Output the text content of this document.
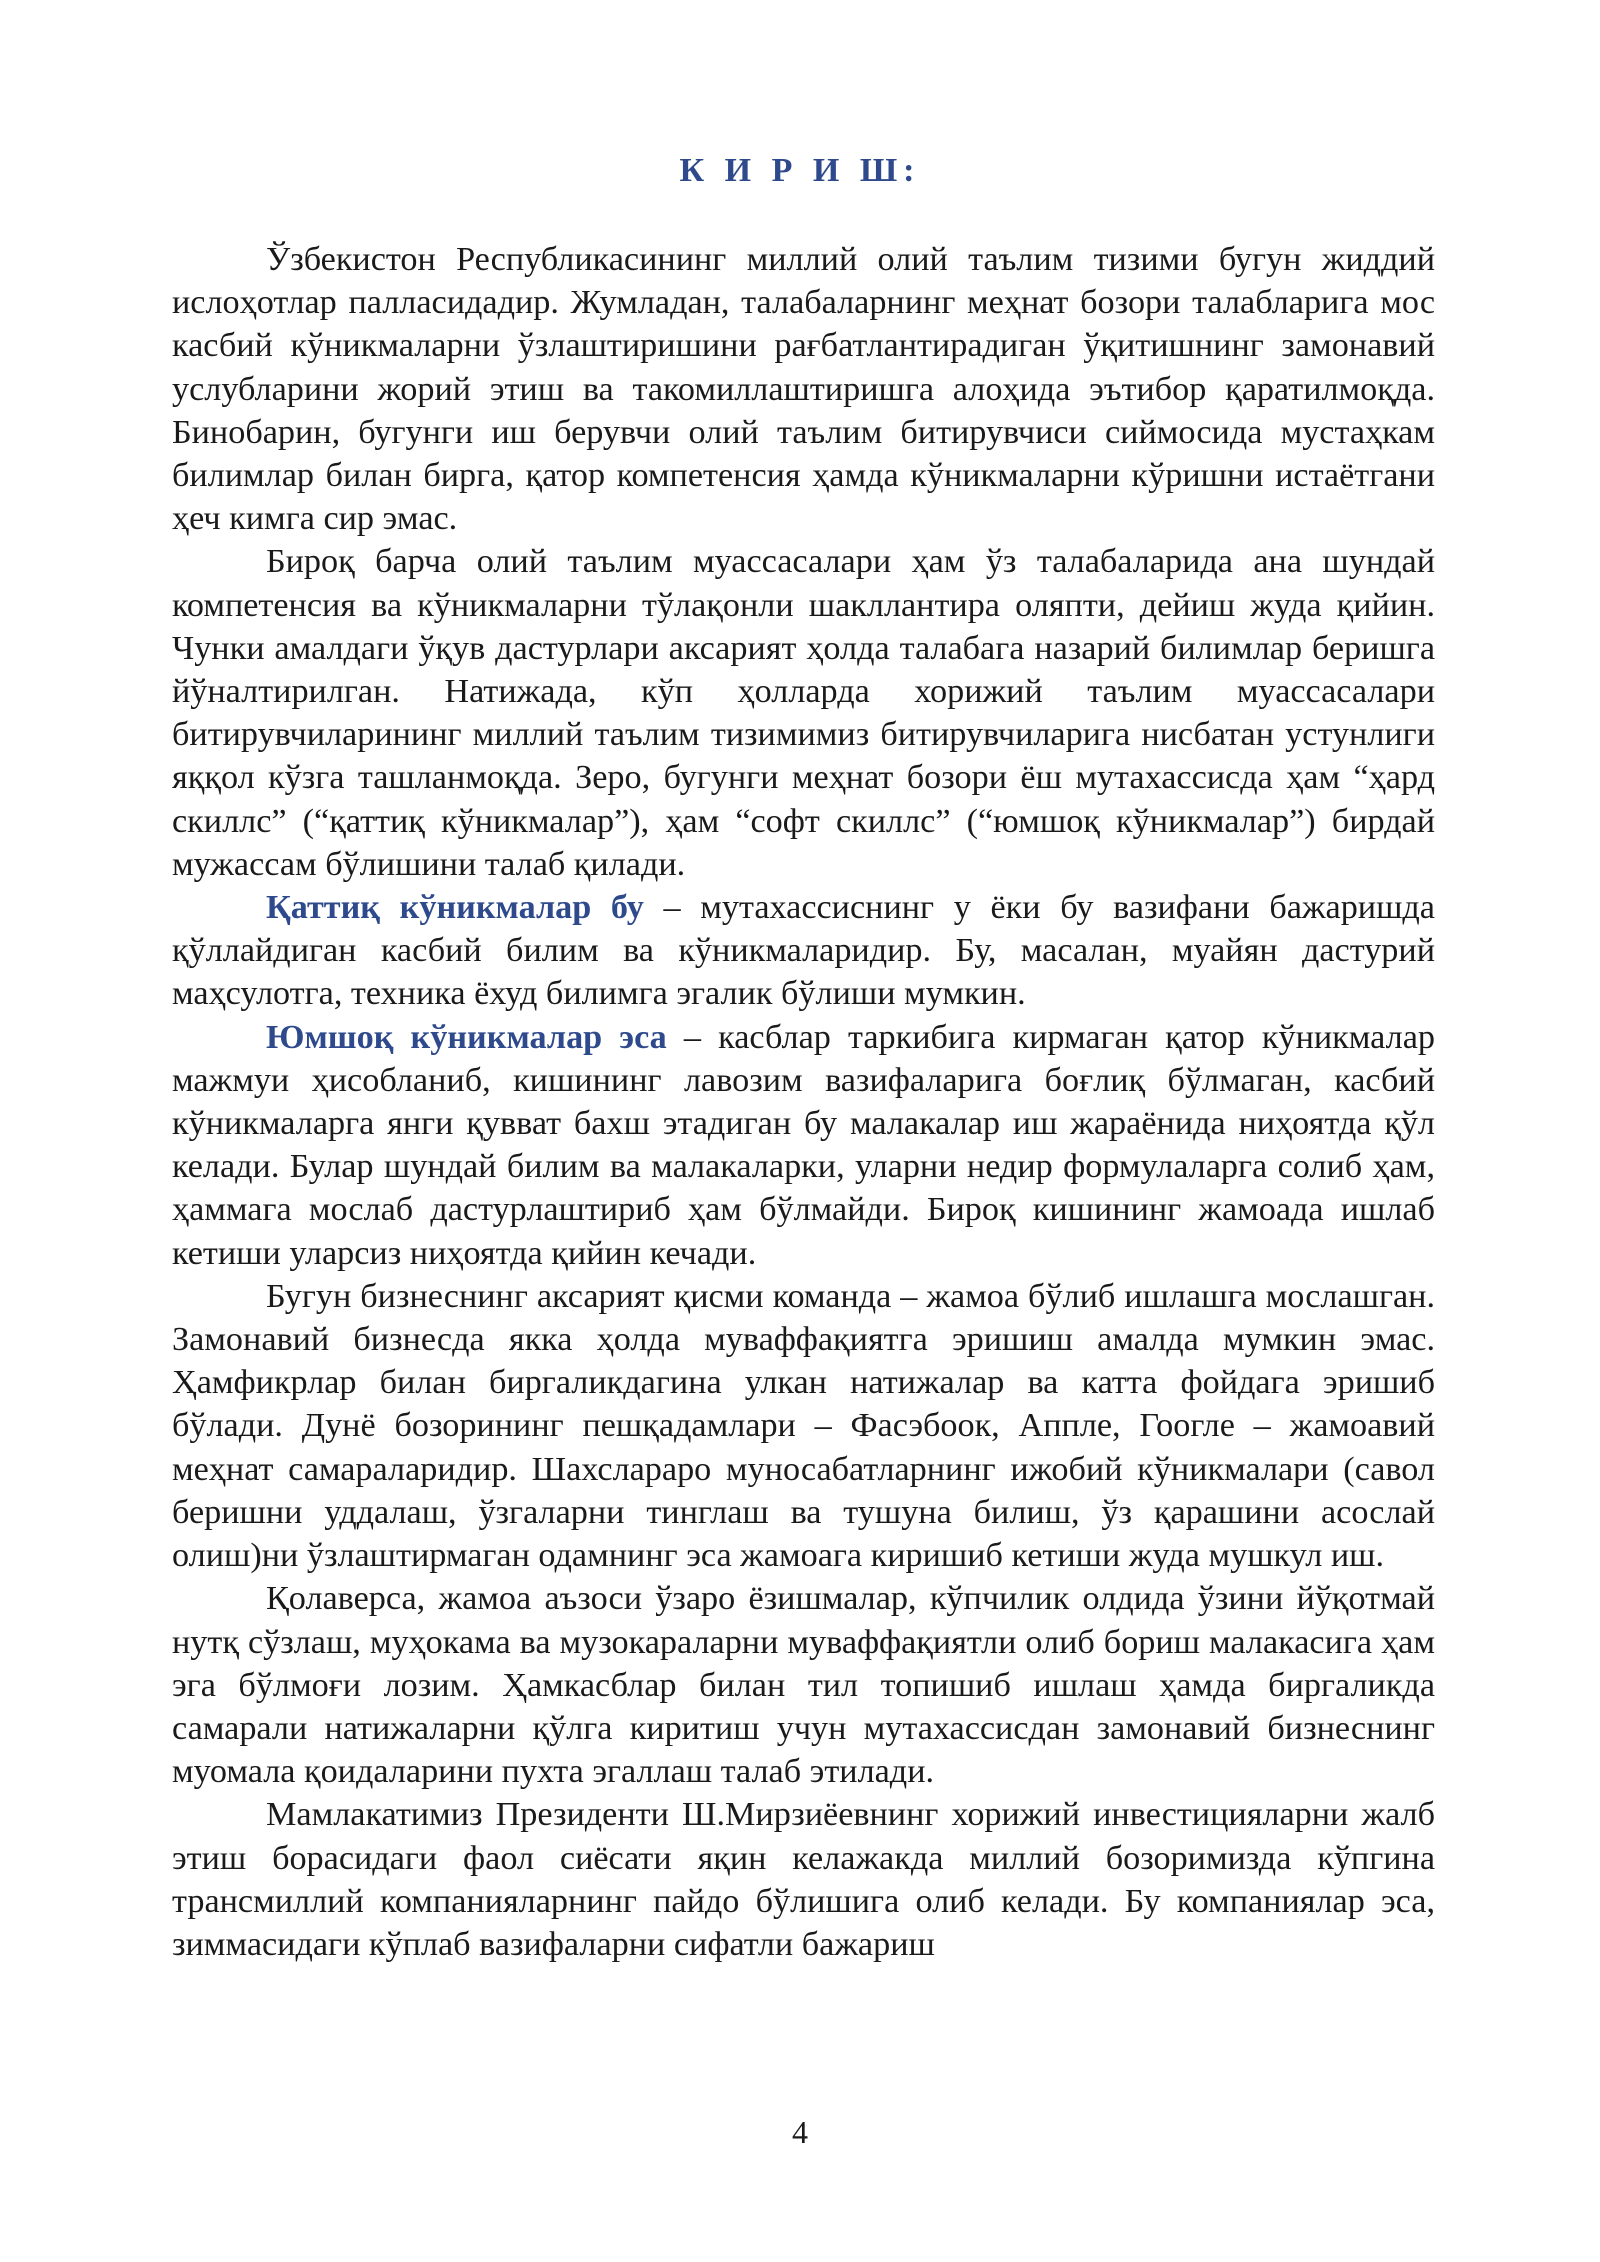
К И Р И Ш:

Ўзбекистон Республикасининг миллий олий таълим тизими бугун жиддий ислоҳотлар палласидадир. Жумладан, талабаларнинг меҳнат бозори талабларига мос касбий кўникмаларни ўзлаштиришини рағбатлантирадиган ўқитишнинг замонавий услубларини жорий этиш ва такомиллаштиришга алоҳида эътибор қаратилмоқда. Бинобарин, бугунги иш берувчи олий таълим битирувчиси сиймосида мустаҳкам билимлар билан бирга, қатор компетенсия ҳамда кўникмаларни кўришни истаётгани ҳеч кимга сир эмас.

Бироқ барча олий таълим муассасалари ҳам ўз талабаларида ана шундай компетенсия ва кўникмаларни тўлақонли шакллантира оляпти, дейиш жуда қийин. Чунки амалдаги ўқув дастурлари аксарият ҳолда талабага назарий билимлар беришга йўналтирилган. Натижада, кўп ҳолларда хорижий таълим муассасалари битирувчиларининг миллий таълим тизимимиз битирувчиларига нисбатан устунлиги яққол кўзга ташланмоқда. Зеро, бугунги меҳнат бозори ёш мутахассисда ҳам “ҳард скиллс” (“қаттиқ кўникмалар”), ҳам “софт скиллс” (“юмшоқ кўникмалар”) бирдай мужассам бўлишини талаб қилади.

Қаттиқ кўникмалар бу – мутахассиснинг у ёки бу вазифани бажаришда қўллайдиган касбий билим ва кўникмаларидир. Бу, масалан, муайян дастурий маҳсулотга, техника ёхуд билимга эгалик бўлиши мумкин.

Юмшоқ кўникмалар эса – касблар таркибига кирмаган қатор кўникмалар мажмуи ҳисобланиб, кишининг лавозим вазифаларига боғлиқ бўлмаган, касбий кўникмаларга янги қувват бахш этадиган бу малакалар иш жараёнида ниҳоятда қўл келади. Булар шундай билим ва малакаларки, уларни недир формулаларга солиб ҳам, ҳаммага мослаб дастурлаштириб ҳам бўлмайди. Бироқ кишининг жамоада ишлаб кетиши уларсиз ниҳоятда қийин кечади.

Бугун бизнеснинг аксарият қисми команда – жамоа бўлиб ишлашга мослашган. Замонавий бизнесда якка ҳолда муваффақиятга эришиш амалда мумкин эмас. Ҳамфикрлар билан биргаликдагина улкан натижалар ва катта фойдага эришиб бўлади. Дунё бозорининг пешқадамлари – Фасэбоок, Аппле, Гоогле – жамоавий меҳнат самараларидир. Шахслараро муносабатларнинг ижобий кўникмалари (савол беришни уддалаш, ўзгаларни тинглаш ва тушуна билиш, ўз қарашини асослай олиш)ни ўзлаштирмаган одамнинг эса жамоага киришиб кетиши жуда мушкул иш.

Қолаверса, жамоа аъзоси ўзаро ёзишмалар, кўпчилик олдида ўзини йўқотмай нутқ сўзлаш, муҳокама ва музокараларни муваффақиятли олиб бориш малакасига ҳам эга бўлмоғи лозим. Ҳамкасблар билан тил топишиб ишлаш ҳамда биргаликда самарали натижаларни қўлга киритиш учун мутахассисдан замонавий бизнеснинг муомала қоидаларини пухта эгаллаш талаб этилади.

Мамлакатимиз Президенти Ш.Мирзиёевнинг хорижий инвестицияларни жалб этиш борасидаги фаол сиёсати яқин келажакда миллий бозоримизда кўпгина трансмиллий компанияларнинг пайдо бўлишига олиб келади. Бу компаниялар эса, зиммасидаги кўплаб вазифаларни сифатли бажариш

4
